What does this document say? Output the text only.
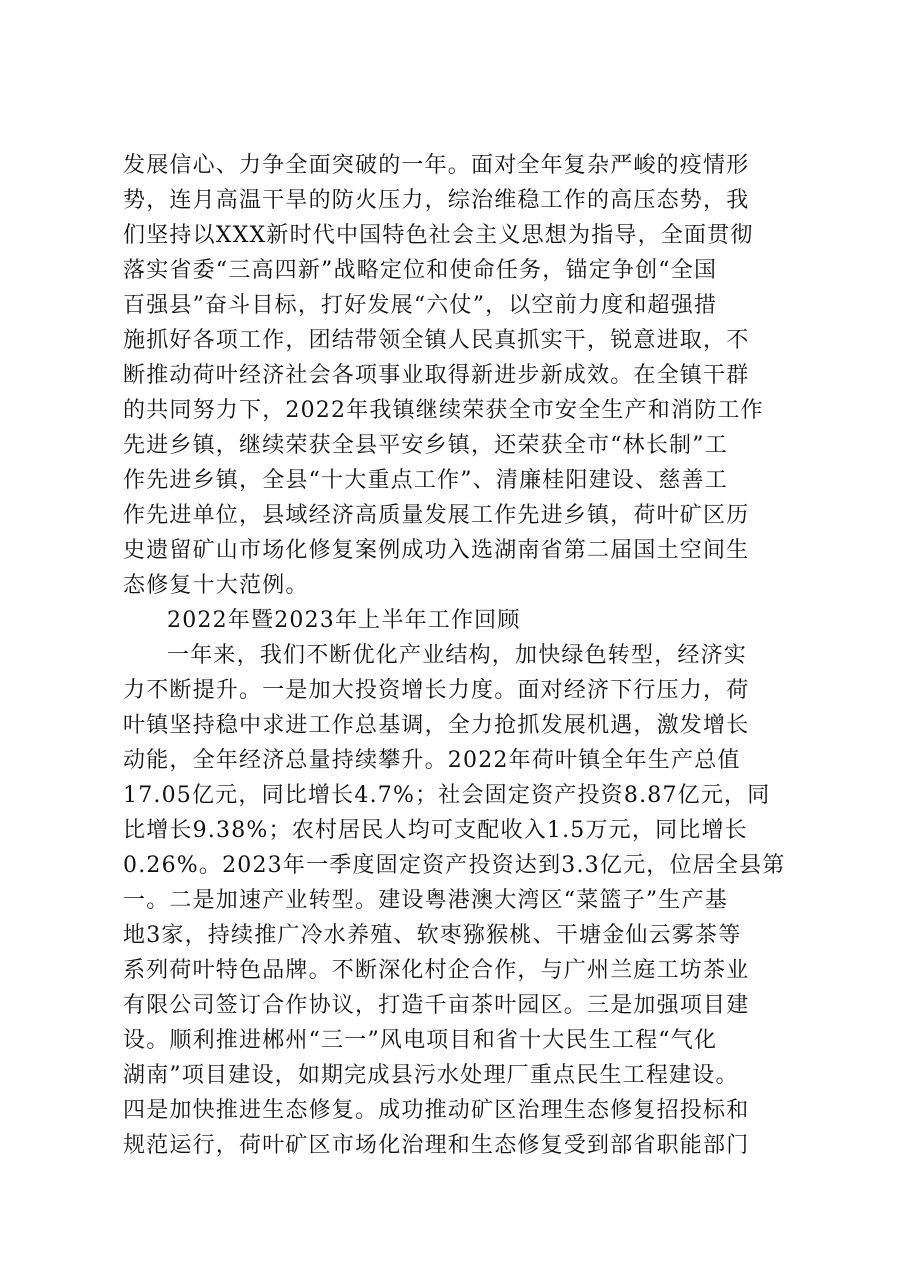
发展信心、力争全面突破的一年。面对全年复杂严峻的疫情形
势，连月高温干旱的防火压力，综治维稳工作的高压态势，我
们坚持以XXX新时代中国特色社会主义思想为指导，全面贯彻
落实省委“三高四新”战略定位和使命任务，锚定争创“全国
百强县”奋斗目标，打好发展“六仗”，以空前力度和超强措
施抓好各项工作，团结带领全镇人民真抓实干，锐意进取，不
断推动荷叶经济社会各项事业取得新进步新成效。在全镇干群
的共同努力下，2022年我镇继续荣获全市安全生产和消防工作
先进乡镇，继续荣获全县平安乡镇，还荣获全市“林长制”工
作先进乡镇，全县“十大重点工作”、清廉桂阳建设、慈善工
作先进单位，县域经济高质量发展工作先进乡镇，荷叶矿区历
史遗留矿山市场化修复案例成功入选湖南省第二届国土空间生
态修复十大范例。
2022年暨2023年上半年工作回顾
一年来，我们不断优化产业结构，加快绿色转型，经济实
力不断提升。一是加大投资增长力度。面对经济下行压力，荷
叶镇坚持稳中求进工作总基调，全力抢抓发展机遇，激发增长
动能，全年经济总量持续攀升。2022年荷叶镇全年生产总值
17.05亿元，同比增长4.7%；社会固定资产投资8.87亿元，同
比增长9.38%；农村居民人均可支配收入1.5万元，同比增长
0.26%。2023年一季度固定资产投资达到3.3亿元，位居全县第
一。二是加速产业转型。建设粤港澳大湾区“菜篮子”生产基
地3家，持续推广冷水养殖、软枣猕猴桃、干塘金仙云雾茶等
系列荷叶特色品牌。不断深化村企合作，与广州兰庭工坊茶业
有限公司签订合作协议，打造千亩茶叶园区。三是加强项目建
设。顺利推进郴州“三一”风电项目和省十大民生工程“气化
湖南”项目建设，如期完成县污水处理厂重点民生工程建设。
四是加快推进生态修复。成功推动矿区治理生态修复招投标和
规范运行，荷叶矿区市场化治理和生态修复受到部省职能部门
